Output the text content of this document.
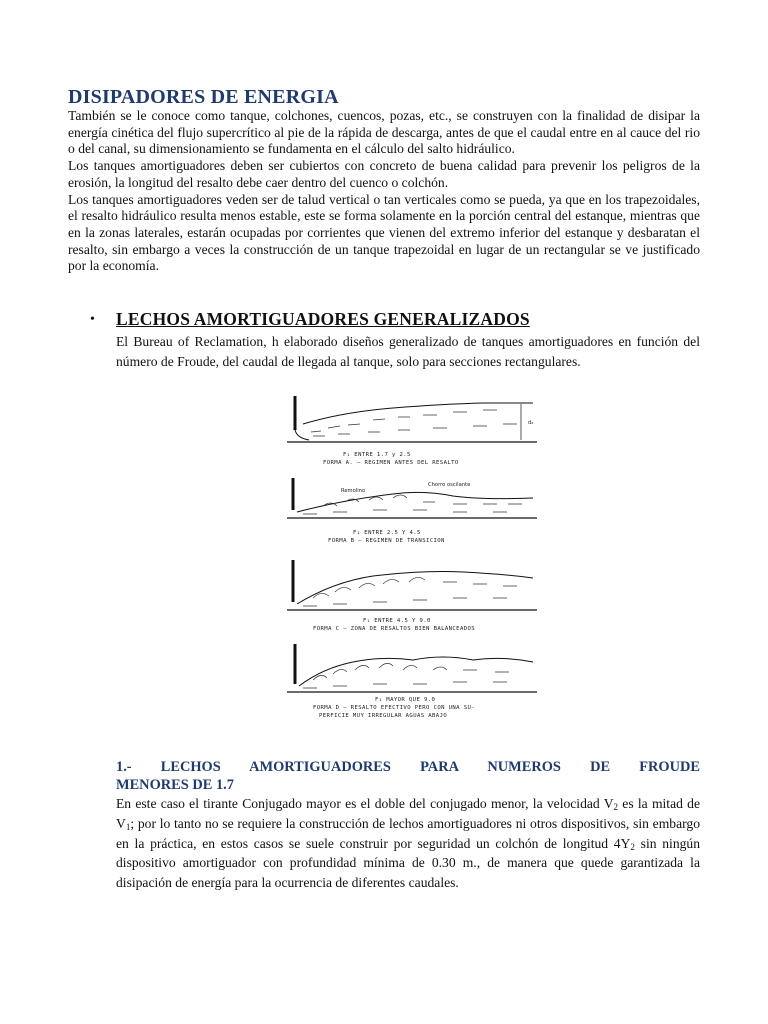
DISIPADORES DE ENERGIA

También se le conoce como tanque, colchones, cuencos, pozas, etc., se construyen con la finalidad de disipar la energía cinética del flujo supercrítico al pie de la rápida de descarga, antes de que el caudal entre en al cauce del rio o del canal, su dimensionamiento se fundamenta en el cálculo del salto hidráulico.

Los tanques amortiguadores deben ser cubiertos con concreto de buena calidad para prevenir los peligros de la erosión, la longitud del resalto debe caer dentro del cuenco o colchón.

Los tanques amortiguadores veden ser de talud vertical o tan verticales como se pueda, ya que en los trapezoidales, el resalto hidráulico resulta menos estable, este se forma solamente en la porción central del estanque, mientras que en la zonas laterales, estarán ocupadas por corrientes que vienen del extremo inferior del estanque y desbaratan el resalto, sin embargo a veces la construcción de un tanque trapezoidal en lugar de un rectangular se ve justificado por la economía.

•	LECHOS AMORTIGUADORES GENERALIZADOS

El Bureau of Reclamation, h elaborado diseños generalizado de tanques amortiguadores en función del número de Froude, del caudal de llegada al tanque, solo para secciones rectangulares.

d₂
F₁ ENTRE 1.7 y 2.5
FORMA A. — REGIMEN ANTES DEL RESALTO
Remolino
Chorro oscilante
F₁ ENTRE 2.5 Y 4.5
FORMA B — REGIMEN DE TRANSICION
F₁ ENTRE 4.5 Y 9.0
FORMA C — ZONA DE RESALTOS BIEN BALANCEADOS
F₁ MAYOR QUE 9.0
FORMA D — RESALTO EFECTIVO PERO CON UNA SU-
PERFICIE MUY IRREGULAR AGUAS ABAJO
1.- LECHOS AMORTIGUADORES PARA NUMEROS DE FROUDE
MENORES DE 1.7

En este caso el tirante Conjugado mayor es el doble del conjugado menor, la velocidad $V_2$ es la mitad de $V_1$; por lo tanto no se requiere la construcción de lechos amortiguadores ni otros dispositivos, sin embargo en la práctica, en estos casos se suele construir por seguridad un colchón de longitud $4Y_2$ sin ningún dispositivo amortiguador con profundidad mínima de 0.30 m., de manera que quede garantizada la disipación de energía para la ocurrencia de diferentes caudales.
